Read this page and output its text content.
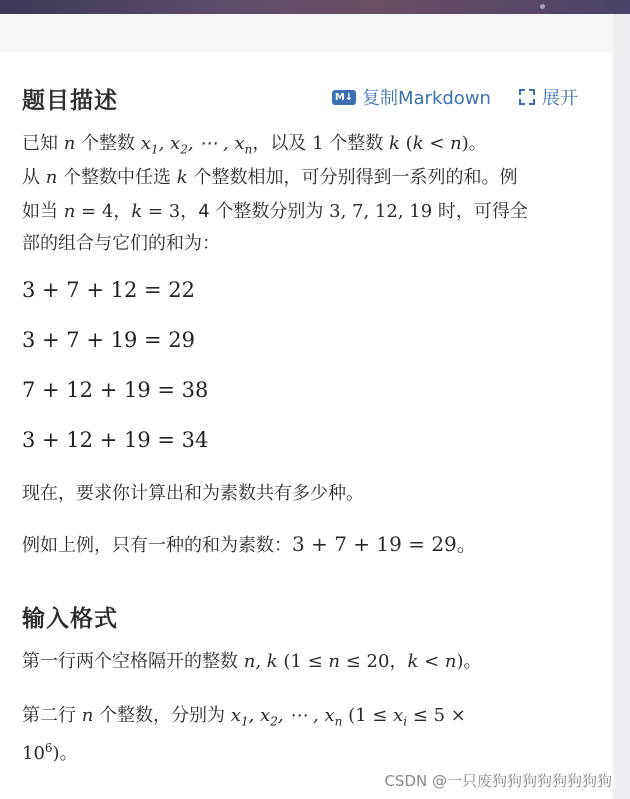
题目描述	M↓ 复制Markdown	展开
已知 n 个整数 $x_1$, $x_2$, ⋯ , $x_n$，以及 1 个整数 k (k < n)。
从 n 个整数中任选 k 个整数相加，可分别得到一系列的和。例
如当 n = 4，k = 3，4 个整数分别为 3, 7, 12, 19 时，可得全
部的组合与它们的和为：
3 + 7 + 12 = 22
3 + 7 + 19 = 29
7 + 12 + 19 = 38
3 + 12 + 19 = 34
现在，要求你计算出和为素数共有多少种。
例如上例，只有一种的和为素数：3 + 7 + 19 = 29。
输入格式
第一行两个空格隔开的整数 n, k (1 ≤ n ≤ 20，k < n)。
第二行 n 个整数，分别为 $x_1$, $x_2$, ⋯ , $x_n$ ($1 \le x_i \le 5$ ×
$10^6$)。
CSDN @一只废狗狗狗狗狗狗狗狗
